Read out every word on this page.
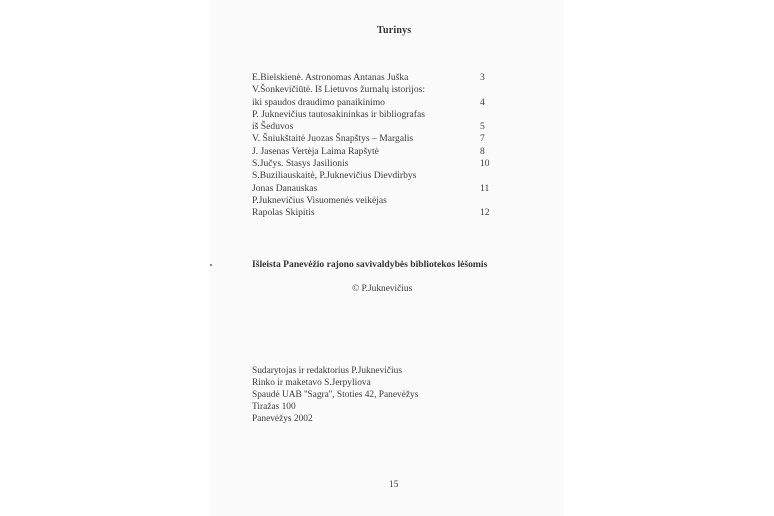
Turinys
E.Bielskienė. Astronomas Antanas Juška	3
V.Šonkevičiūtė. Iš Lietuvos žurnalų istorijos:
iki spaudos draudimo panaikinimo	4
P. Juknevičius tautosakininkas ir bibliografas
iš Šeduvos	5
V. Šniukštaitė Juozas Šnapštys – Margalis	7
J. Jasenas Vertėja Laima Rapšytė	8
S.Jučys. Stasys Jasilionis	10
S.Buziliauskaitė, P.Juknevičius Dievdirbys
Jonas Danauskas	11
P.Juknevičius Visuomenės veikėjas
Rapolas Skipitis	12
Išleista Panevėžio rajono savivaldybės bibliotekos lėšomis
© P.Juknevičius
Sudarytojas ir redaktorius P.Juknevičius
Rinko ir maketavo S.Jerpyliova
Spaudė UAB ''Sagra'', Stoties 42, Panevėžys
Tiražas 100
Panevėžys 2002
15
